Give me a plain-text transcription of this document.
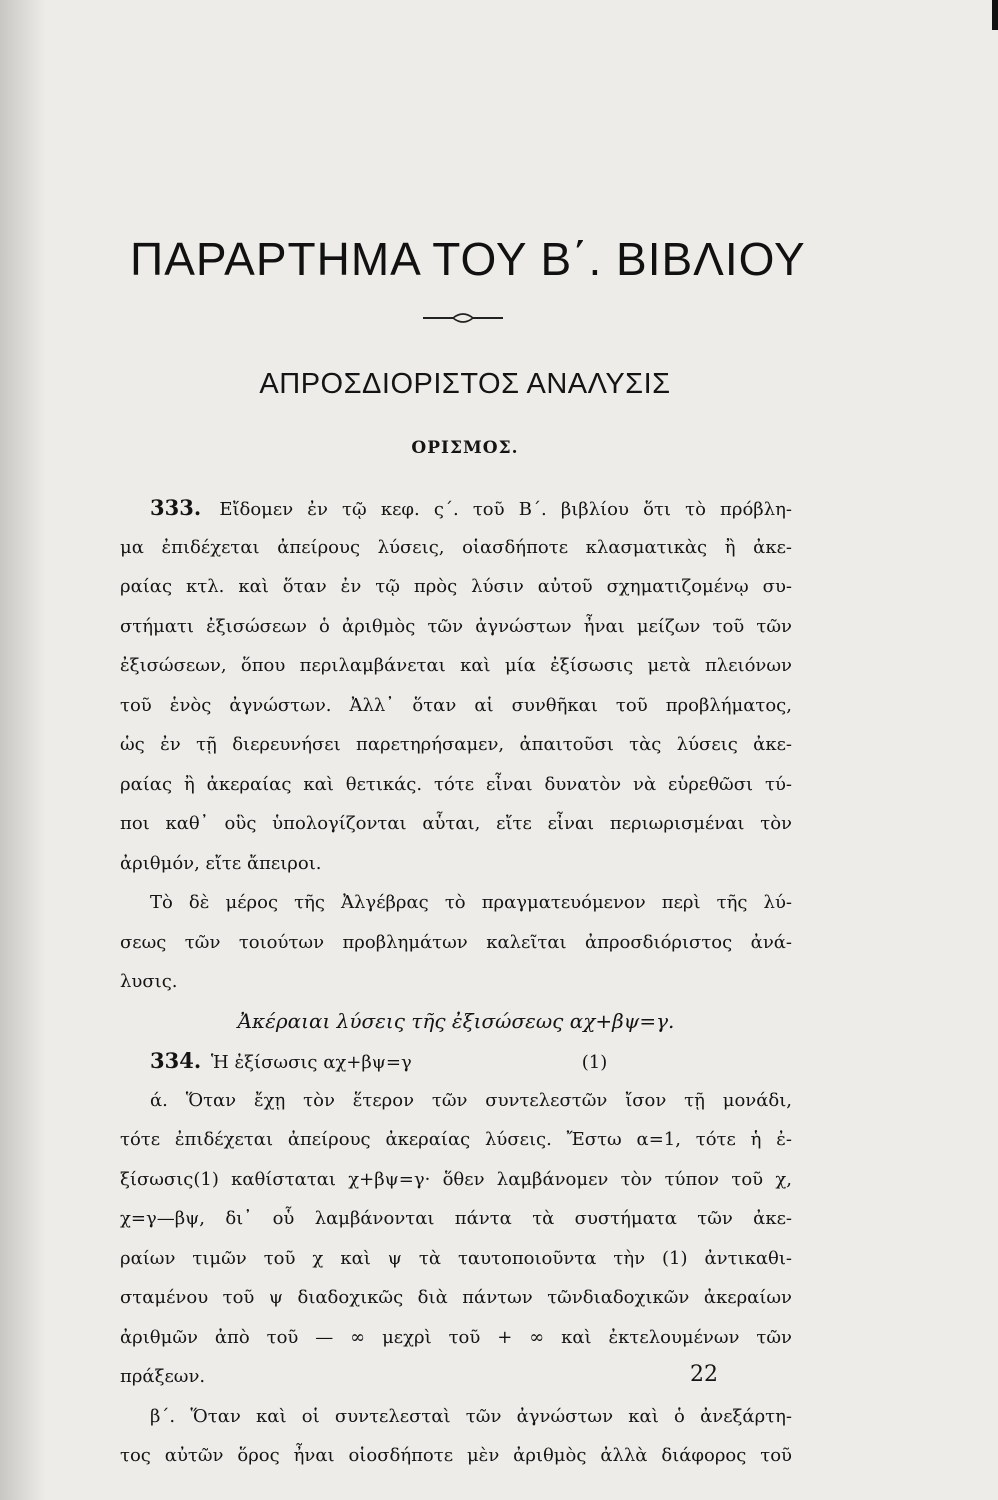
ΠΑΡΑΡΤΗΜΑ ΤΟΥ Β΄. ΒΙΒΛΙΟΥ
ΑΠΡΟΣΔΙΟΡΙΣΤΟΣ ΑΝΑΛΥΣΙΣ
ΟΡΙΣΜΟΣ.
333. Εἴδομεν ἐν τῷ κεφ. ς΄. τοῦ Β΄. βιβλίου ὅτι τὸ πρόβλη-
μα ἐπιδέχεται ἀπείρους λύσεις, οἱασδήποτε κλασματικὰς ἢ ἀκε-
ραίας κτλ. καὶ ὅταν ἐν τῷ πρὸς λύσιν αὐτοῦ σχηματιζομένῳ συ-
στήματι ἐξισώσεων ὁ ἀριθμὸς τῶν ἀγνώστων ἦναι μείζων τοῦ τῶν
ἐξισώσεων, ὅπου περιλαμβάνεται καὶ μία ἐξίσωσις μετὰ πλειόνων
τοῦ ἑνὸς ἀγνώστων. Ἀλλ᾽ ὅταν αἱ συνθῆκαι τοῦ προβλήματος,
ὡς ἐν τῇ διερευνήσει παρετηρήσαμεν, ἀπαιτοῦσι τὰς λύσεις ἀκε-
ραίας ἢ ἀκεραίας καὶ θετικάς. τότε εἶναι δυνατὸν νὰ εὑρεθῶσι τύ-
ποι καθ᾽ οὓς ὑπολογίζονται αὗται, εἴτε εἶναι περιωρισμέναι τὸν
ἀριθμόν, εἴτε ἄπειροι.
Τὸ δὲ μέρος τῆς Ἀλγέβρας τὸ πραγματευόμενον περὶ τῆς λύ-
σεως τῶν τοιούτων προβλημάτων καλεῖται ἀπροσδιόριστος ἀνά-
λυσις.
Ἀκέραιαι λύσεις τῆς ἐξισώσεως αχ+βψ=γ.
334. Ἡ ἐξίσωσις αχ+βψ=γ	(1)
ά. Ὅταν ἔχῃ τὸν ἕτερον τῶν συντελεστῶν ἴσον τῇ μονάδι,
τότε ἐπιδέχεται ἀπείρους ἀκεραίας λύσεις. Ἔστω α=1, τότε ἡ ἐ-
ξίσωσις(1) καθίσταται χ+βψ=γ· ὅθεν λαμβάνομεν τὸν τύπον τοῦ χ,
χ=γ—βψ, δι᾽ οὗ λαμβάνονται πάντα τὰ συστήματα τῶν ἀκε-
ραίων τιμῶν τοῦ χ καὶ ψ τὰ ταυτοποιοῦντα τὴν (1) ἀντικαθι-
σταμένου τοῦ ψ διαδοχικῶς διὰ πάντων τῶνδιαδοχικῶν ἀκεραίων
ἀριθμῶν ἀπὸ τοῦ — ∞ μεχρὶ τοῦ + ∞ καὶ ἐκτελουμένων τῶν
πράξεων.
β΄. Ὅταν καὶ οἱ συντελεσταὶ τῶν ἀγνώστων καὶ ὁ ἀνεξάρτη-
τος αὐτῶν ὅρος ἦναι οἱοσδήποτε μὲν ἀριθμὸς ἀλλὰ διάφορος τοῦ
22
